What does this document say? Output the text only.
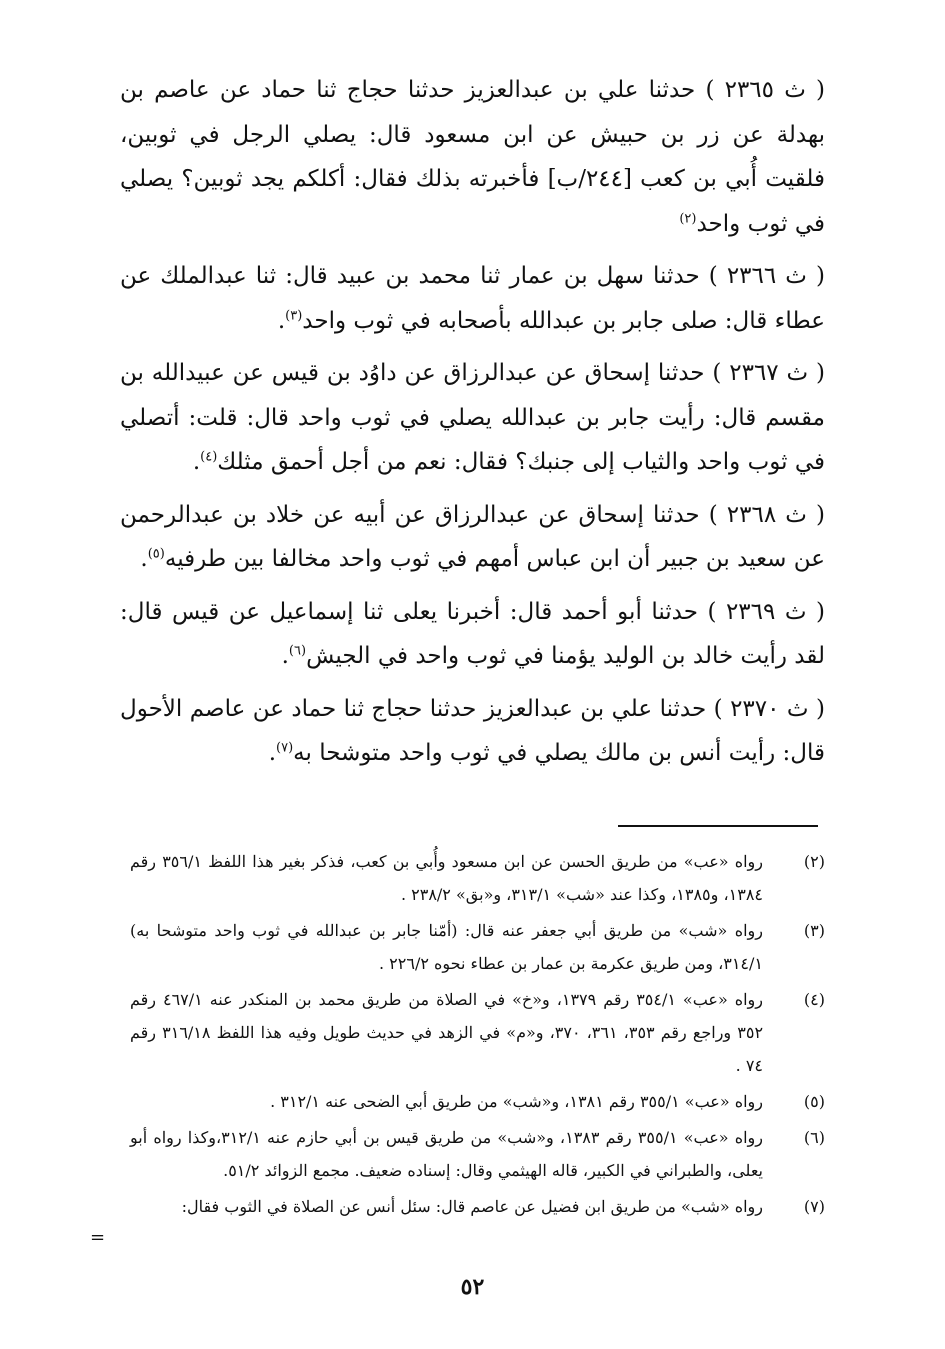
( ث ٢٣٦٥ ) حدثنا علي بن عبدالعزيز حدثنا حجاج ثنا حماد عن عاصم بن بهدلة عن زر بن حبيش عن ابن مسعود قال: يصلي الرجل في ثوبين، فلقيت أُبي بن كعب [٢٤٤/ب] فأخبرته بذلك فقال: أكلكم يجد ثوبين؟ يصلي في ثوب واحد$^{(٢)}$

( ث ٢٣٦٦ ) حدثنا سهل بن عمار ثنا محمد بن عبيد قال: ثنا عبدالملك عن عطاء قال: صلى جابر بن عبدالله بأصحابه في ثوب واحد$^{(٣)}$.

( ث ٢٣٦٧ ) حدثنا إسحاق عن عبدالرزاق عن داوُد بن قيس عن عبيدالله بن مقسم قال: رأيت جابر بن عبدالله يصلي في ثوب واحد قال: قلت: أتصلي في ثوب واحد والثياب إلى جنبك؟ فقال: نعم من أجل أحمق مثلك$^{(٤)}$.

( ث ٢٣٦٨ ) حدثنا إسحاق عن عبدالرزاق عن أبيه عن خلاد بن عبدالرحمن عن سعيد بن جبير أن ابن عباس أمهم في ثوب واحد مخالفا بين طرفيه$^{(٥)}$.

( ث ٢٣٦٩ ) حدثنا أبو أحمد قال: أخبرنا يعلى ثنا إسماعيل عن قيس قال: لقد رأيت خالد بن الوليد يؤمنا في ثوب واحد في الجيش$^{(٦)}$.

( ث ٢٣٧٠ ) حدثنا علي بن عبدالعزيز حدثنا حجاج ثنا حماد عن عاصم الأحول قال: رأيت أنس بن مالك يصلي في ثوب واحد متوشحا به$^{(٧)}$.

(٢)
رواه «عب» من طريق الحسن عن ابن مسعود وأُبي بن كعب، فذكر بغير هذا اللفظ ٣٥٦/١ رقم ١٣٨٤، و١٣٨٥، وكذا عند «شب» ٣١٣/١، و«بق» ٢٣٨/٢ .
(٣)
رواه «شب» من طريق أبي جعفر عنه قال: (أمّنا جابر بن عبدالله في ثوب واحد متوشحا به) ٣١٤/١، ومن طريق عكرمة بن عمار بن عطاء نحوه ٢٢٦/٢ .
(٤)
رواه «عب» ٣٥٤/١ رقم ١٣٧٩، و«خ» في الصلاة من طريق محمد بن المنكدر عنه ٤٦٧/١ رقم ٣٥٢ وراجع رقم ٣٥٣، ٣٦١، ٣٧٠، و«م» في الزهد في حديث طويل وفيه هذا اللفظ ٣١٦/١٨ رقم ٧٤ .
(٥)
رواه «عب» ٣٥٥/١ رقم ١٣٨١، و«شب» من طريق أبي الضحى عنه ٣١٢/١ .
(٦)
رواه «عب» ٣٥٥/١ رقم ١٣٨٣، و«شب» من طريق قيس بن أبي حازم عنه ٣١٢/١،وكذا رواه أبو يعلى، والطبراني في الكبير، قاله الهيثمي وقال: إسناده ضعيف. مجمع الزوائد ٥١/٢.
(٧)
رواه «شب» من طريق ابن فضيل عن عاصم قال: سئل أنس عن الصلاة في الثوب فقال:
=
٥٢
